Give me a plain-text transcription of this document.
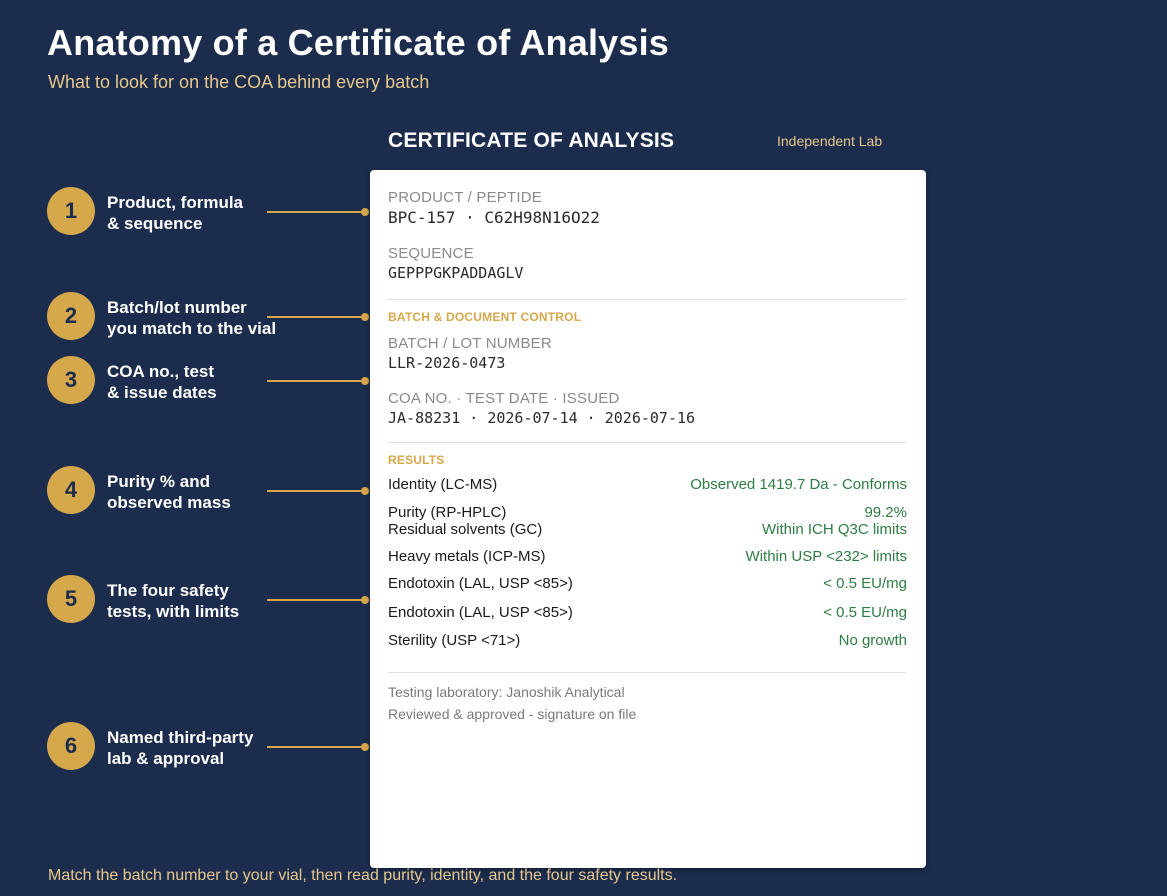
Anatomy of a Certificate of Analysis
What to look for on the COA behind every batch
CERTIFICATE OF ANALYSIS	Independent Lab
1	Product, formula
& sequence
2	Batch/lot number
you match to the vial
3	COA no., test
& issue dates
4	Purity % and
observed mass
5	The four safety
tests, with limits
6	Named third-party
lab & approval
PRODUCT / PEPTIDE
BPC-157 · C62H98N16O22
SEQUENCE
GEPPPGKPADDAGLV
BATCH & DOCUMENT CONTROL
BATCH / LOT NUMBER
LLR-2026-0473
COA NO. · TEST DATE · ISSUED
JA-88231 · 2026-07-14 · 2026-07-16
RESULTS
Identity (LC-MS)	Observed 1419.7 Da - Conforms
Purity (RP-HPLC)	99.2%
Residual solvents (GC)	Within ICH Q3C limits
Heavy metals (ICP-MS)	Within USP <232> limits
Endotoxin (LAL, USP <85>)	< 0.5 EU/mg
Endotoxin (LAL, USP <85>)	< 0.5 EU/mg
Sterility (USP <71>)	No growth
Testing laboratory: Janoshik Analytical
Reviewed & approved - signature on file
Match the batch number to your vial, then read purity, identity, and the four safety results.
